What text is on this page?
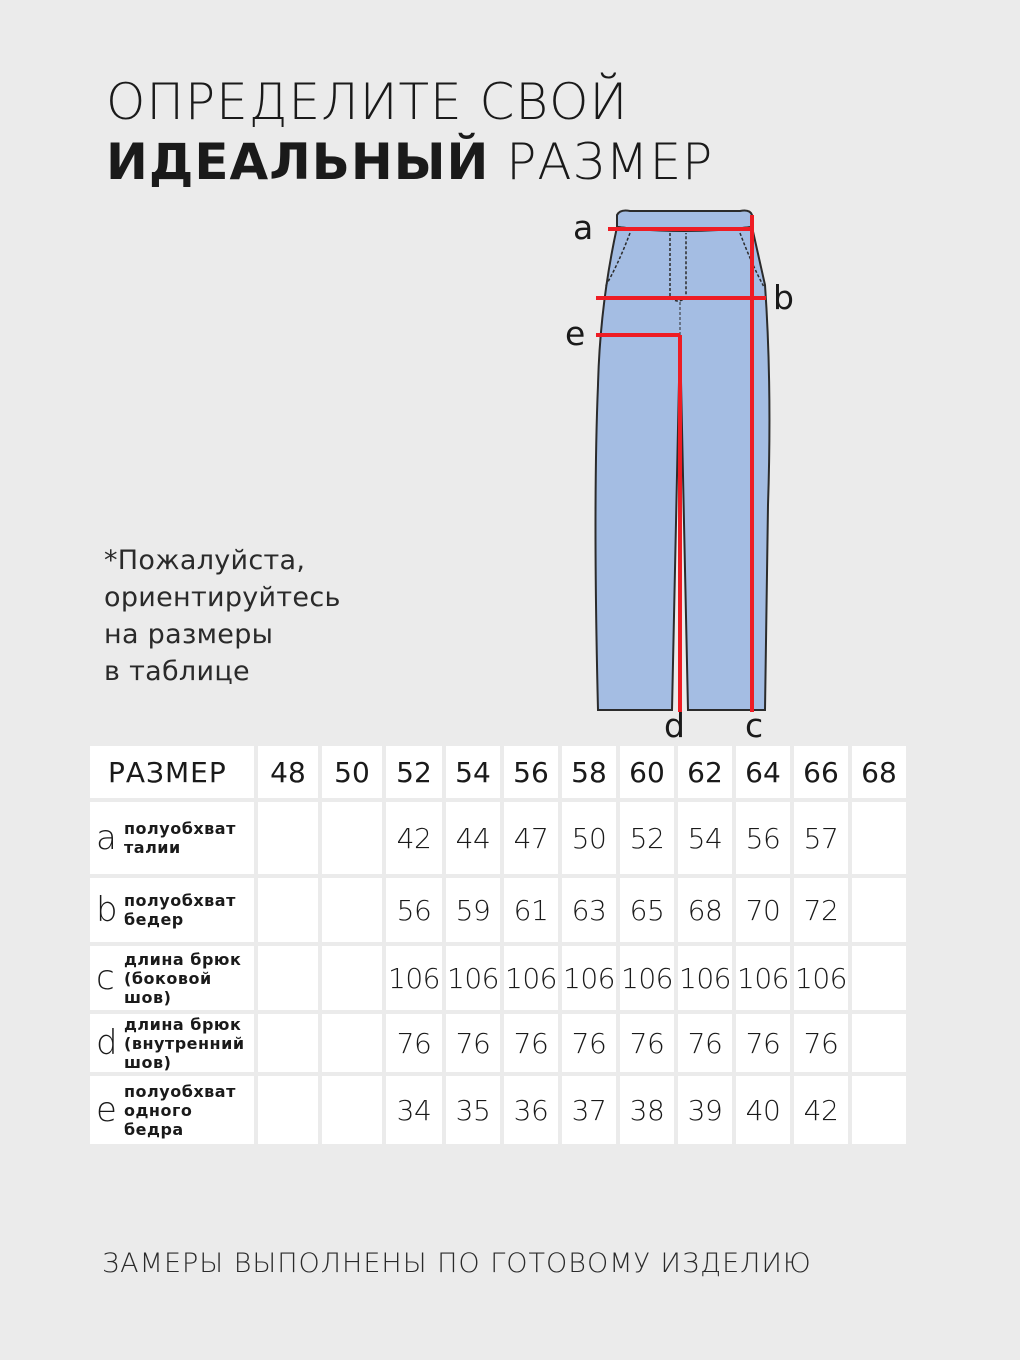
ОПРЕДЕЛИТЕ СВОЙ
ИДЕАЛЬНЫЙ РАЗМЕР
*Пожалуйста,
ориентируйтесь
на размеры
в таблице
a
b
e
d c
РАЗМЕР	48	50	52	54	56	58	60	62	64	66	68
a полуобхват
талии			42	44	47	50	52	54	56	57	
b полуобхват
бедер			56	59	61	63	65	68	70	72	
c длина брюк
(боковой
шов)			106	106	106	106	106	106	106	106	
d длина брюк
(внутренний
шов)			76	76	76	76	76	76	76	76	
e полуобхват
одного
бедра			34	35	36	37	38	39	40	42	
ЗАМЕРЫ ВЫПОЛНЕНЫ ПО ГОТОВОМУ ИЗДЕЛИЮ
